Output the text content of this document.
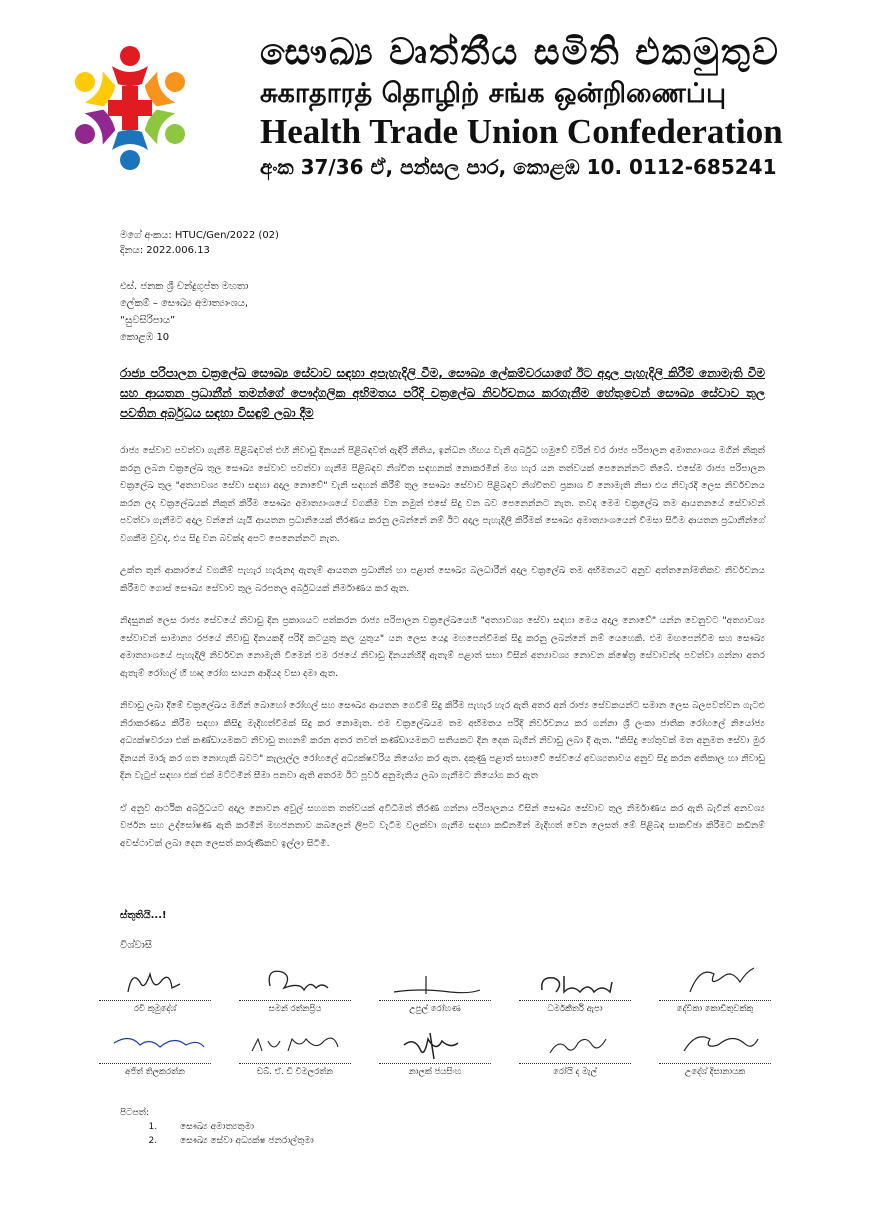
සෞඛ්‍ය වෘත්තීය සමිති එකමුතුව
சுகாதாரத் தொழிற் சங்க ஒன்றிணைப்பு
Health Trade Union Confederation
අංක 37/36 ඒ, පන්සල පාර, කොළඹ 10. 0112-685241
මගේ අංකය: HTUC/Gen/2022 (02)
දිනය: 2022.006.13
එස්. ජනක ශ්‍රී චන්ද්‍රගුප්ත මහතා
ලේකම් – සෞඛ්‍ය අමාත්‍යාංශය,
“සුවසිරිපාය”
කොළඹ 10
රාජ්‍ය පරිපාලන චක්‍රලේඛ සෞඛ්‍ය සේවාව සඳහා අපැහැදිලි වීම, සෞඛ්‍ය ලේකම්වරයාගේ ඊට අදාල පැහැදිලි කිරීම් නොමැති වීම සහ ආයතන ප්‍රධානීන් තමන්ගේ පෞද්ගලික අභිමතය පරිදි චක්‍රලේඛ නිර්වචනය කරගැනීම හේතුවෙන් සෞඛ්‍ය සේවාව තුල පවතින අර්බුධය සඳහා විසඳුම් ලබා දීම

රාජ්‍ය සේවාව පවත්වා ගැනීම පිළිබඳවත් එහි නිවාඩු දිනයන් පිළිබඳවත් ඇඳිරි නීතිය, ඉන්ධන හිඟය වැනි අර්බුධ හමුවේ වරින් වර රාජ්‍ය පරිපාලන අමාත්‍යාංශය මගින් නිකුත් කරනු ලබන චක්‍රලේඛ තුල සෞඛ්‍ය සේවාව පවත්වා ගැනීම පිළිබඳව නිශ්චිත සඳහනක් නොකරමින් මහ හැර යන තත්වයක් පෙනෙන්නට තිබේ. එසේම රාජ්‍ය පරිපාලන චක්‍රලේඛ තුල "අත්‍යාවශ්‍ය සේවා සඳහා අදාල නොවේ" වැනි සඳහන් කිරීම් තුල සෞඛ්‍ය සේවාව පිළිබඳව නිශ්චිතව ප්‍රකාශ වී නොමැති නිසා එය නිවැරදි ලෙස නිර්වචනය කරන ලද චක්‍රලේඛයක් නිකුත් කිරීම සෞඛ්‍ය අමාත්‍යාංශයේ වගකීම වන නමුත් එසේ සිදු වන බව පෙනෙන්නට නැත. තවද මෙම චක්‍රලේඛ තම ආයතනයේ සේවාවන් පවත්වා ගැනීමට අදාල වන්නේ යැයි ආයතන ප්‍රධානියෙක් තීරණය කරනු ලබන්නේ නම් ඊට අදාල පැහැදිලි කිරීමක් සෞඛ්‍ය අමාත්‍යාංශයෙන් විමසා සිටීම ආයතන ප්‍රධානීන්ගේ වගකීම වුවද, එය සිදු වන බවක්ද අපට පෙනෙන්නට නැත.

උක්ත තුන් ආකාරයේ වගකීම් පැහැර හැරුනද ඇතැම් ආයතන ප්‍රධානීන් හා පළාත් සෞඛ්‍ය බලධාරීන් අදාල චක්‍රලේඛ තම අභිමතයට අනුව අත්තනෝමතිකව නිර්වචනය කිරීමට ගොස් සෞඛ්‍ය සේවාව තුල බරපතල අර්බුධයක් නිර්මාණය කර ඇත.

නිදසුනක් ලෙස රාජ්‍ය සේවයේ නිවාඩු දින ප්‍රකාශයට පත්කරන රාජ්‍ය පරිපාලන චක්‍රලේඛයෙහි "අත්‍යාවශ්‍ය සේවා සඳහා මෙය අදාල නොවේ" යන්න වෙනුවට "අත්‍යාවශ්‍ය සේවාවන් සාමාන්‍ය රජයේ නිවාඩු දිනයකදී පරිදි කටයුතු කල යුතුය" යන ලෙස යෙදූ මහපෙන්වීමක් සිදු කරනු ලබන්නේ නම් යෙහෙකි. එම මඟපෙන්වීම සහ සෞඛ්‍ය අමාත්‍යාංශයේ පැහැදිලි නිර්වචන නොමැති වීමෙන් එම රජයේ නිවාඩු දිනයන්හිදී ඇතැම් පළාත් සභා විසින් අත්‍යාවශ්‍ය නොවන ක්ෂේත්‍ර සේවාවන්ද පවත්වා ගන්නා අතර ඇතැම් රෝහල් හී හෘද රෝග සායන ආදියද වසා දමා ඇත.

නිවාඩු ලබා දීමේ චක්‍රලේඛය මගින් බොහෝ රෝහල් සහ සෞඛ්‍ය ආයතන ගෙවීම් සිදු කිරීම පැහැර හැර ඇති අතර අන් රාජ්‍ය සේවකයන්ට සමාන ලෙස බලපවත්වන ගැටළු නිරාකරණය කිරීම සඳහා කිසිදු මැදිහත්වීමක් සිදු කර නොමැත. එම චක්‍රලේඛයම තම අභිමතය පරිදි නිර්වචනය කර ගන්නා ශ්‍රී ලංකා ජාතික රෝහලේ නියෝජ්‍ය අධ්‍යක්ෂවරයා එක් කණ්ඩායමකට නිවාඩු තහනම් කරන අතර තවත් කණ්ඩායමකට සතියකට දින දෙක බැගින් නිවාඩු ලබා දී ඇත. "කිසිදු හේතුවක් මත අනුමත සේවා මුර දිනයන් මාරු කර ගත නොහැකි බවට" කැලෑල්ල රෝහලේ අධ්‍යක්ෂවරිය නියෝග කර ඇත. දකුණු පළාත් සභාවේ සේවයේ අවශ්‍යතාවය අනුව සිදු කරන අතිකාල හා නිවාඩු දින වැටුප් සඳහා එක් එක් මට්ටමින් සීමා පනවා ඇති අතරම ඊට පූර්ව අනුමැතිය ලබා ගැනීමට නියෝග කර ඇත

ඒ අනුව ආර්ථික අර්බුධයට අදාල නොවන අවුල් සහගත තත්වයක් අවිධිමත් තීරණ ගන්නා පරිපාලනය විසින් සෞඛ්‍ය සේවාව තුල නිර්මාණය කර ඇති බැවින් අනවශ්‍ය වර්ජන සහ උද්ඝෝෂණ ඇති කරමින් මහජනතාව කබලෙන් ලිපට වැටීම වලක්වා ගැනීම සඳහා කඩිනමින් මැදිහත් වෙන ලෙසත් මේ පිළිබඳ සාකච්ඡා කිරීමට කඩිනම් අවස්ථාවක් ලබා දෙන ලෙසත් කාරුණිකව ඉල්ලා සිටිමි.

ස්තුතියි...!
විශ්වාසී
රවි කුමුදේශ්	සමන් රත්නප්‍රිය	උපුල් රෝහණ	ධර්මකීර්ති ඇපා	දේවිකා කොඩිතුවක්කු
අජිත් තිලකරත්න	ඩබ්. ඒ. ඩී විමලරත්න	නාලක් ජයසිංහ	රෝයි ද මැල්	උදේශ් දිසානායක
පිටපත්:
1. සෞඛ්‍ය අමාත්‍යතුමා
2. සෞඛ්‍ය සේවා අධ්‍යක්ෂ ජනරාල්තුමා
